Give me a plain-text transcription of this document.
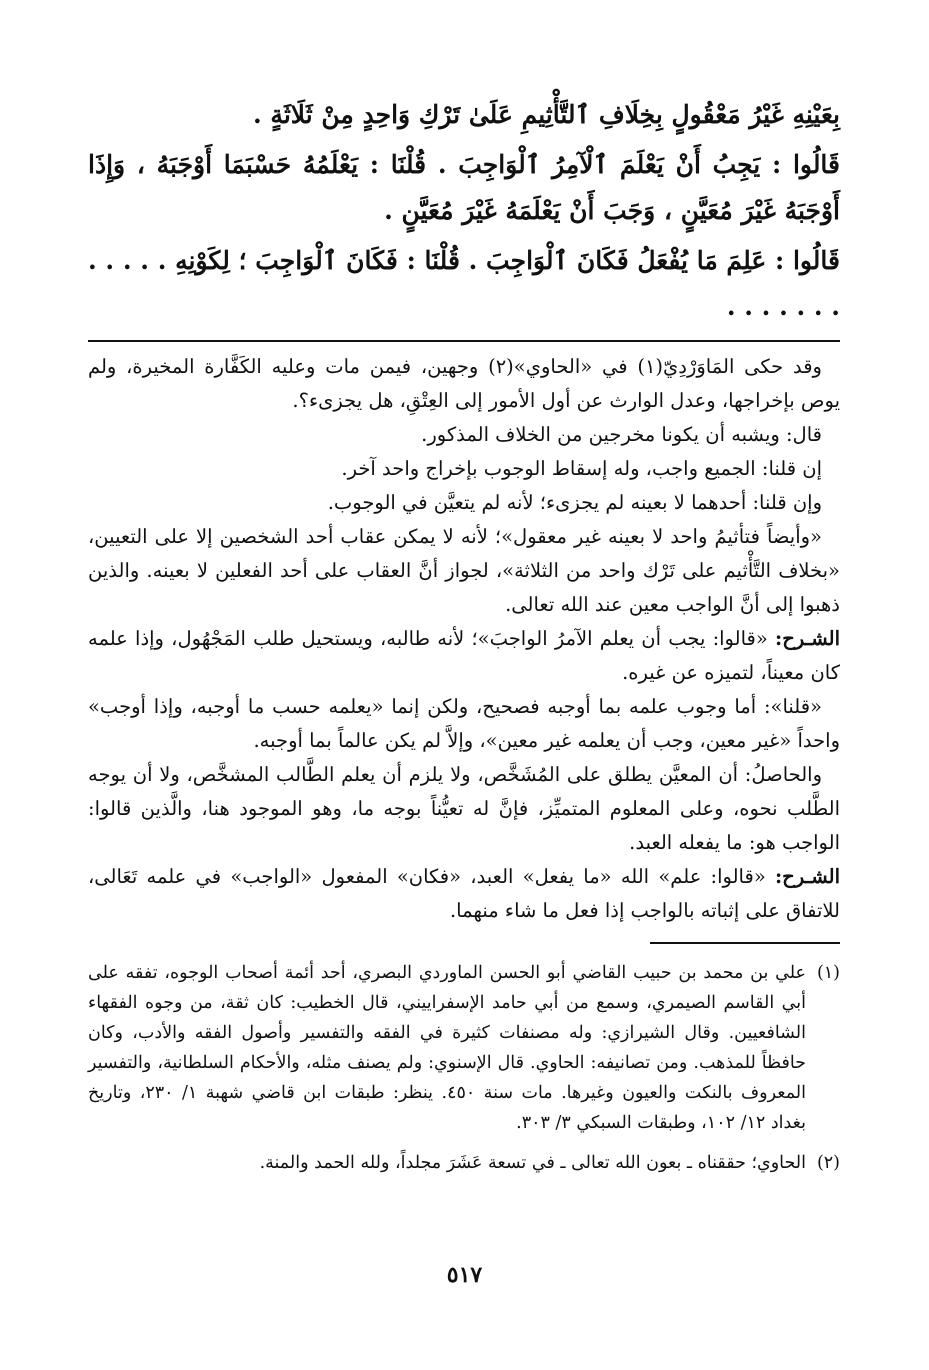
بِعَيْنِهِ غَيْرُ مَعْقُولٍ بِخِلَافِ ٱلتَّأْثِيمِ عَلَىٰ تَرْكِ وَاحِدٍ مِنْ ثَلَاثَةٍ .

قَالُوا : يَجِبُ أَنْ يَعْلَمَ ٱلْآمِرُ ٱلْوَاجِبَ . قُلْنَا : يَعْلَمُهُ حَسْبَمَا أَوْجَبَهُ ، وَإِذَا أَوْجَبَهُ غَيْرَ مُعَيَّنٍ ، وَجَبَ أَنْ يَعْلَمَهُ غَيْرَ مُعَيَّنٍ .

قَالُوا : عَلِمَ مَا يُفْعَلُ فَكَانَ ٱلْوَاجِبَ . قُلْنَا : فَكَانَ ٱلْوَاجِبَ ؛ لِكَوْنِهِ . . . . . . . . . . . .

وقد حكى المَاوَرْدِيّ(١) في «الحاوي»(٢) وجهين، فيمن مات وعليه الكَفَّارة المخيرة، ولم يوص بإخراجها، وعدل الوارث عن أول الأمور إلى العِتْقِ، هل يجزىء؟.

قال: ويشبه أن يكونا مخرجين من الخلاف المذكور.

إن قلنا: الجميع واجب، وله إسقاط الوجوب بإخراج واحد آخر.

وإن قلنا: أحدهما لا بعينه لم يجزىء؛ لأنه لم يتعيَّن في الوجوب.

«وأيضاً فتأثيمُ واحد لا بعينه غير معقول»؛ لأنه لا يمكن عقاب أحد الشخصين إلا على التعيين، «بخلاف التَّأْثيم على تَرْك واحد من الثلاثة»، لجواز أنَّ العقاب على أحد الفعلين لا بعينه. والذين ذهبوا إلى أنَّ الواجب معين عند الله تعالى.

الشـرح: «قالوا: يجب أن يعلم الآمرُ الواجبَ»؛ لأنه طالبه، ويستحيل طلب المَجْهُول، وإذا علمه كان معيناً، لتميزه عن غيره.

«قلنا»: أما وجوب علمه بما أوجبه فصحيح، ولكن إنما «يعلمه حسب ما أوجبه، وإذا أوجب» واحداً «غير معين، وجب أن يعلمه غير معين»، وإلاَّ لم يكن عالماً بما أوجبه.

والحاصلُ: أن المعيَّن يطلق على المُشَخَّص، ولا يلزم أن يعلم الطَّالب المشخَّص، ولا أن يوجه الطَّلب نحوه، وعلى المعلوم المتميِّز، فإنَّ له تعيُّناً بوجه ما، وهو الموجود هنا، والَّذين قالوا: الواجب هو: ما يفعله العبد.

الشـرح: «قالوا: علم» الله «ما يفعل» العبد، «فكان» المفعول «الواجب» في علمه تَعَالى، للاتفاق على إثباته بالواجب إذا فعل ما شاء منهما.

(١)
علي بن محمد بن حبيب القاضي أبو الحسن الماوردي البصري، أحد أئمة أصحاب الوجوه، تفقه على أبي القاسم الصيمري، وسمع من أبي حامد الإسفراييني، قال الخطيب: كان ثقة، من وجوه الفقهاء الشافعيين. وقال الشيرازي: وله مصنفات كثيرة في الفقه والتفسير وأصول الفقه والأدب، وكان حافظاً للمذهب. ومن تصانيفه: الحاوي. قال الإسنوي: ولم يصنف مثله، والأحكام السلطانية، والتفسير المعروف بالنكت والعيون وغيرها. مات سنة ٤٥٠. ينظر: طبقات ابن قاضي شهبة ١/ ٢٣٠، وتاريخ بغداد ١٢/ ١٠٢، وطبقات السبكي ٣/ ٣٠٣.
(٢)
الحاوي؛ حققناه ـ بعون الله تعالى ـ في تسعة عَشَرَ مجلداً، ولله الحمد والمنة.
٥١٧
